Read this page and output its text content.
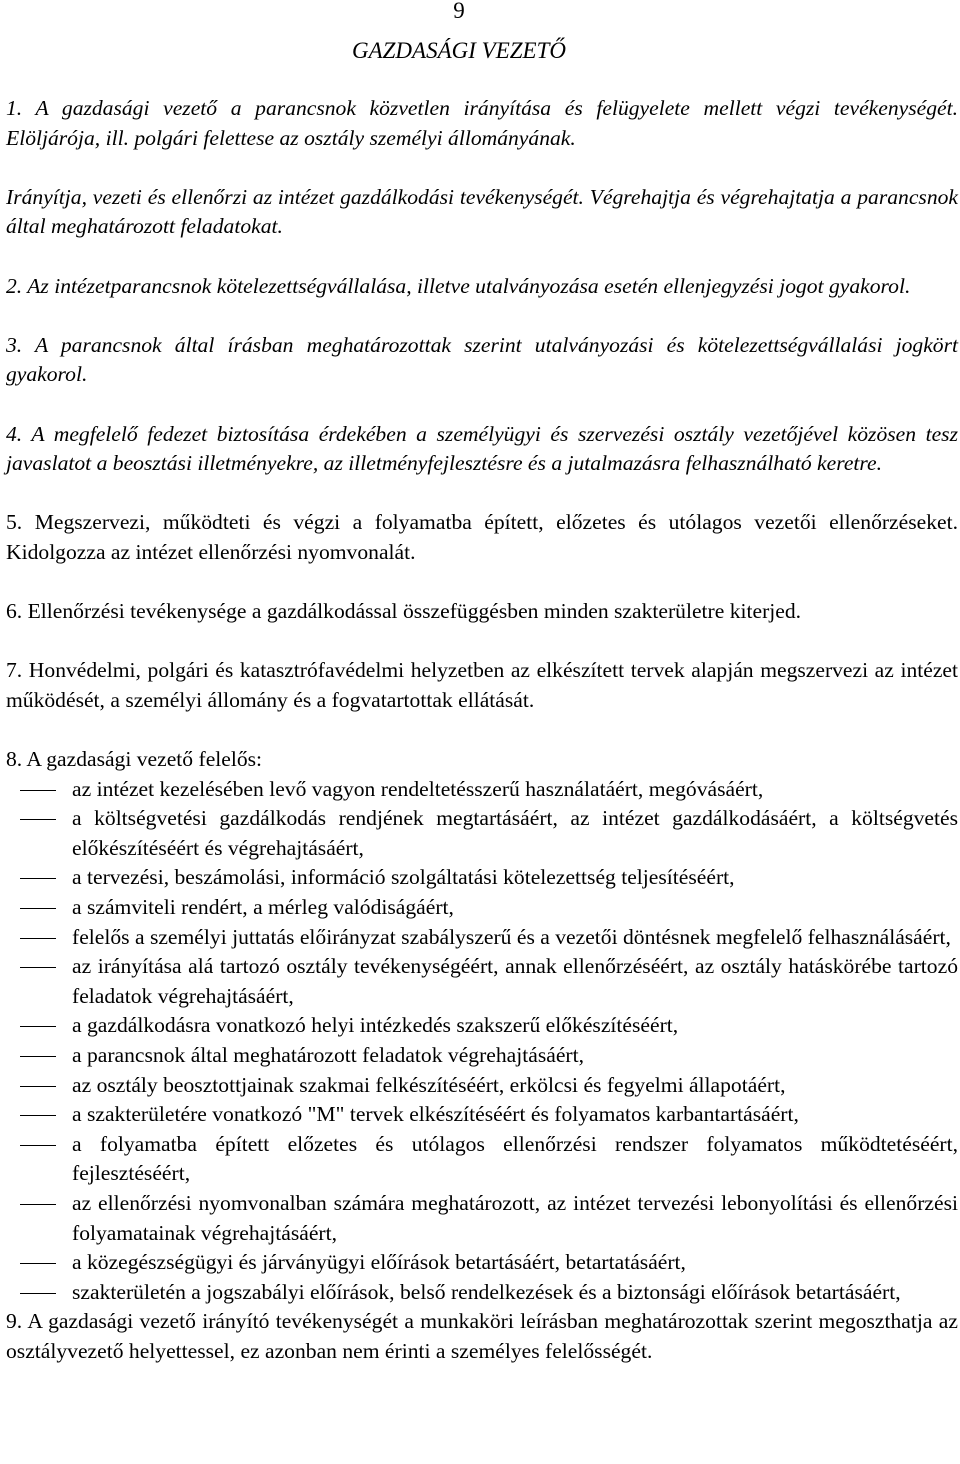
9
GAZDASÁGI VEZETŐ

1. A gazdasági vezető a parancsnok közvetlen irányítása és felügyelete mellett végzi tevékenységét. Elöljárója, ill. polgári felettese az osztály személyi állományának.

Irányítja, vezeti és ellenőrzi az intézet gazdálkodási tevékenységét. Végrehajtja és végrehajtatja a parancsnok által meghatározott feladatokat.

2. Az intézetparancsnok kötelezettségvállalása, illetve utalványozása esetén ellenjegyzési jogot gyakorol.

3. A parancsnok által írásban meghatározottak szerint utalványozási és kötelezettségvállalási jogkört gyakorol.

4. A megfelelő fedezet biztosítása érdekében a személyügyi és szervezési osztály vezetőjével közösen tesz javaslatot a beosztási illetményekre, az illetményfejlesztésre és a jutalmazásra felhasználható keretre.

5. Megszervezi, működteti és végzi a folyamatba épített, előzetes és utólagos vezetői ellenőrzéseket. Kidolgozza az intézet ellenőrzési nyomvonalát.

6. Ellenőrzési tevékenysége a gazdálkodással összefüggésben minden szakterületre kiterjed.

7. Honvédelmi, polgári és katasztrófavédelmi helyzetben az elkészített tervek alapján megszervezi az intézet működését, a személyi állomány és a fogvatartottak ellátását.

8. A gazdasági vezető felelős:

az intézet kezelésében levő vagyon rendeltetésszerű használatáért, megóvásáért,
a költségvetési gazdálkodás rendjének megtartásáért, az intézet gazdálkodásáért, a költségvetés előkészítéséért és végrehajtásáért,
a tervezési, beszámolási, információ szolgáltatási kötelezettség teljesítéséért,
a számviteli rendért, a mérleg valódiságáért,
felelős a személyi juttatás előirányzat szabályszerű és a vezetői döntésnek megfelelő felhasználásáért,
az irányítása alá tartozó osztály tevékenységéért, annak ellenőrzéséért, az osztály hatáskörébe tartozó feladatok végrehajtásáért,
a gazdálkodásra vonatkozó helyi intézkedés szakszerű előkészítéséért,
a parancsnok által meghatározott feladatok végrehajtásáért,
az osztály beosztottjainak szakmai felkészítéséért, erkölcsi és fegyelmi állapotáért,
a szakterületére vonatkozó "M" tervek elkészítéséért és folyamatos karbantartásáért,
a folyamatba épített előzetes és utólagos ellenőrzési rendszer folyamatos működtetéséért, fejlesztéséért,
az ellenőrzési nyomvonalban számára meghatározott, az intézet tervezési lebonyolítási és ellenőrzési folyamatainak végrehajtásáért,
a közegészségügyi és járványügyi előírások betartásáért, betartatásáért,
szakterületén a jogszabályi előírások, belső rendelkezések és a biztonsági előírások betartásáért,

9. A gazdasági vezető irányító tevékenységét a munkaköri leírásban meghatározottak szerint megoszthatja az osztályvezető helyettessel, ez azonban nem érinti a személyes felelősségét.
